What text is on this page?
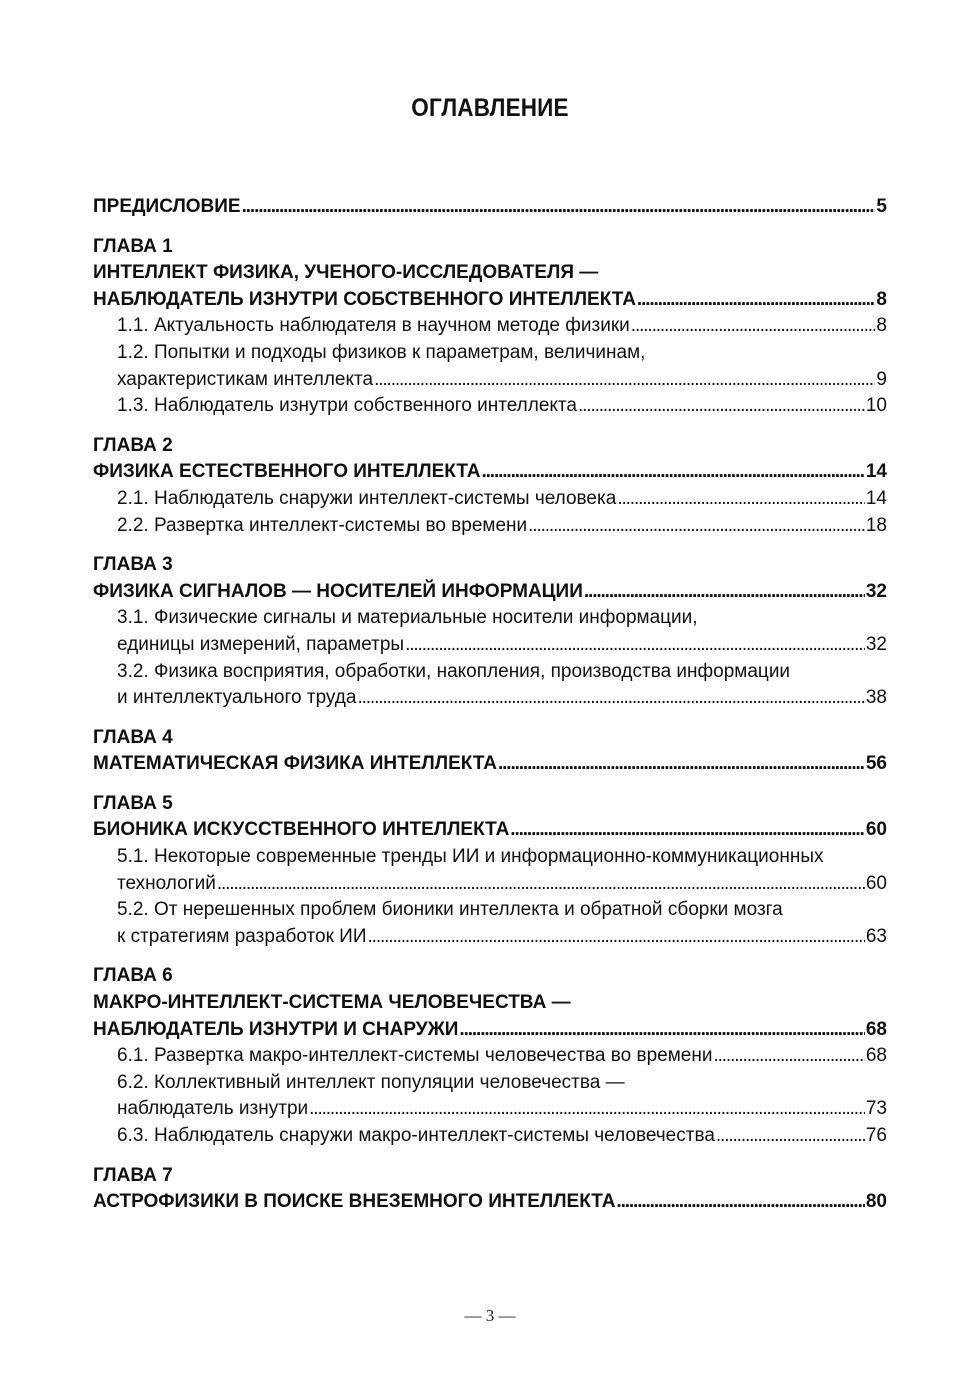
ОГЛАВЛЕНИЕ
ПРЕДИСЛОВИЕ . . .	5
ГЛАВА 1
ИНТЕЛЛЕКТ ФИЗИКА, УЧЕНОГО-ИССЛЕДОВАТЕЛЯ —
НАБЛЮДАТЕЛЬ ИЗНУТРИ СОБСТВЕННОГО ИНТЕЛЛЕКТА . . .	8
1.1. Актуальность наблюдателя в научном методе физики . . .	8
1.2. Попытки и подходы физиков к параметрам, величинам,
характеристикам интеллекта . . .	9
1.3. Наблюдатель изнутри собственного интеллекта . . .	10
ГЛАВА 2
ФИЗИКА ЕСТЕСТВЕННОГО ИНТЕЛЛЕКТА . . .	14
2.1. Наблюдатель снаружи интеллект-системы человека . . .	14
2.2. Развертка интеллект-системы во времени . . .	18
ГЛАВА 3
ФИЗИКА СИГНАЛОВ — НОСИТЕЛЕЙ ИНФОРМАЦИИ . . .	32
3.1. Физические сигналы и материальные носители информации,
единицы измерений, параметры . . .	32
3.2. Физика восприятия, обработки, накопления, производства информации
и интеллектуального труда . . .	38
ГЛАВА 4
МАТЕМАТИЧЕСКАЯ ФИЗИКА ИНТЕЛЛЕКТА . . .	56
ГЛАВА 5
БИОНИКА ИСКУССТВЕННОГО ИНТЕЛЛЕКТА . . .	60
5.1. Некоторые современные тренды ИИ и информационно-коммуникационных
технологий . . .	60
5.2. От нерешенных проблем бионики интеллекта и обратной сборки мозга
к стратегиям разработок ИИ . . .	63
ГЛАВА 6
МАКРО-ИНТЕЛЛЕКТ-СИСТЕМА ЧЕЛОВЕЧЕСТВА —
НАБЛЮДАТЕЛЬ ИЗНУТРИ И СНАРУЖИ . . .	68
6.1. Развертка макро-интеллект-системы человечества во времени . . .	68
6.2. Коллективный интеллект популяции человечества —
наблюдатель изнутри . . .	73
6.3. Наблюдатель снаружи макро-интеллект-системы человечества . . .	76
ГЛАВА 7
АСТРОФИЗИКИ В ПОИСКЕ ВНЕЗЕМНОГО ИНТЕЛЛЕКТА . . .	80
— 3 —
